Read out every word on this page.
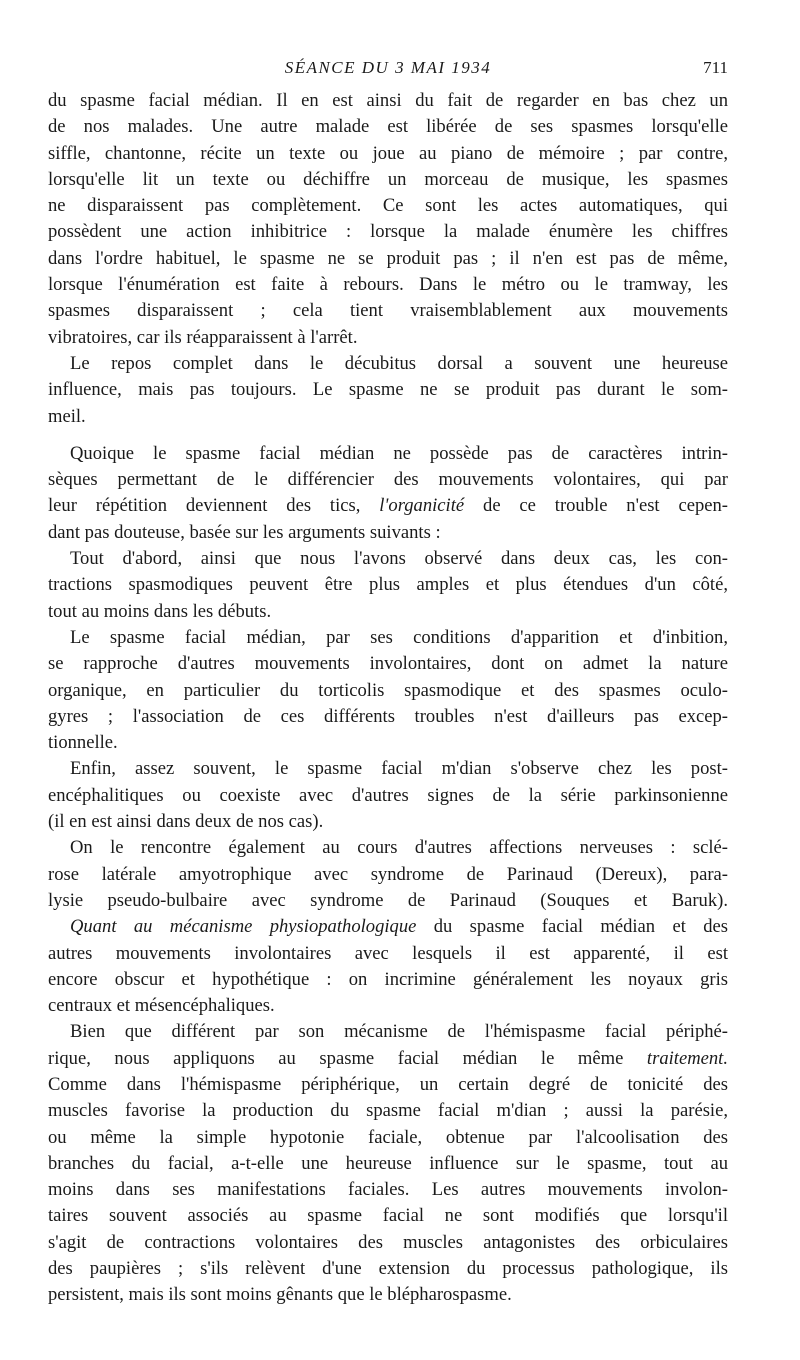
SÉANCE DU 3 MAI 1934	711
du spasme facial médian. Il en est ainsi du fait de regarder en bas chez un
de nos malades. Une autre malade est libérée de ses spasmes lorsqu'elle
siffle, chantonne, récite un texte ou joue au piano de mémoire ; par contre,
lorsqu'elle lit un texte ou déchiffre un morceau de musique, les spasmes
ne disparaissent pas complètement. Ce sont les actes automatiques, qui
possèdent une action inhibitrice : lorsque la malade énumère les chiffres
dans l'ordre habituel, le spasme ne se produit pas ; il n'en est pas de même,
lorsque l'énumération est faite à rebours. Dans le métro ou le tramway, les
spasmes disparaissent ; cela tient vraisemblablement aux mouvements
vibratoires, car ils réapparaissent à l'arrêt.
Le repos complet dans le décubitus dorsal a souvent une heureuse
influence, mais pas toujours. Le spasme ne se produit pas durant le som-
meil.
Quoique le spasme facial médian ne possède pas de caractères intrin-
sèques permettant de le différencier des mouvements volontaires, qui par
leur répétition deviennent des tics, l'organicité de ce trouble n'est cepen-
dant pas douteuse, basée sur les arguments suivants :
Tout d'abord, ainsi que nous l'avons observé dans deux cas, les con-
tractions spasmodiques peuvent être plus amples et plus étendues d'un côté,
tout au moins dans les débuts.
Le spasme facial médian, par ses conditions d'apparition et d'inbition,
se rapproche d'autres mouvements involontaires, dont on admet la nature
organique, en particulier du torticolis spasmodique et des spasmes oculo-
gyres ; l'association de ces différents troubles n'est d'ailleurs pas excep-
tionnelle.
Enfin, assez souvent, le spasme facial m'dian s'observe chez les post-
encéphalitiques ou coexiste avec d'autres signes de la série parkinsonienne
(il en est ainsi dans deux de nos cas).
On le rencontre également au cours d'autres affections nerveuses : sclé-
rose latérale amyotrophique avec syndrome de Parinaud (Dereux), para-
lysie pseudo-bulbaire avec syndrome de Parinaud (Souques et Baruk).
Quant au mécanisme physiopathologique du spasme facial médian et des
autres mouvements involontaires avec lesquels il est apparenté, il est
encore obscur et hypothétique : on incrimine généralement les noyaux gris
centraux et mésencéphaliques.
Bien que différent par son mécanisme de l'hémispasme facial périphé-
rique, nous appliquons au spasme facial médian le même traitement.
Comme dans l'hémispasme périphérique, un certain degré de tonicité des
muscles favorise la production du spasme facial m'dian ; aussi la parésie,
ou même la simple hypotonie faciale, obtenue par l'alcoolisation des
branches du facial, a-t-elle une heureuse influence sur le spasme, tout au
moins dans ses manifestations faciales. Les autres mouvements involon-
taires souvent associés au spasme facial ne sont modifiés que lorsqu'il
s'agit de contractions volontaires des muscles antagonistes des orbiculaires
des paupières ; s'ils relèvent d'une extension du processus pathologique, ils
persistent, mais ils sont moins gênants que le blépharospasme.
